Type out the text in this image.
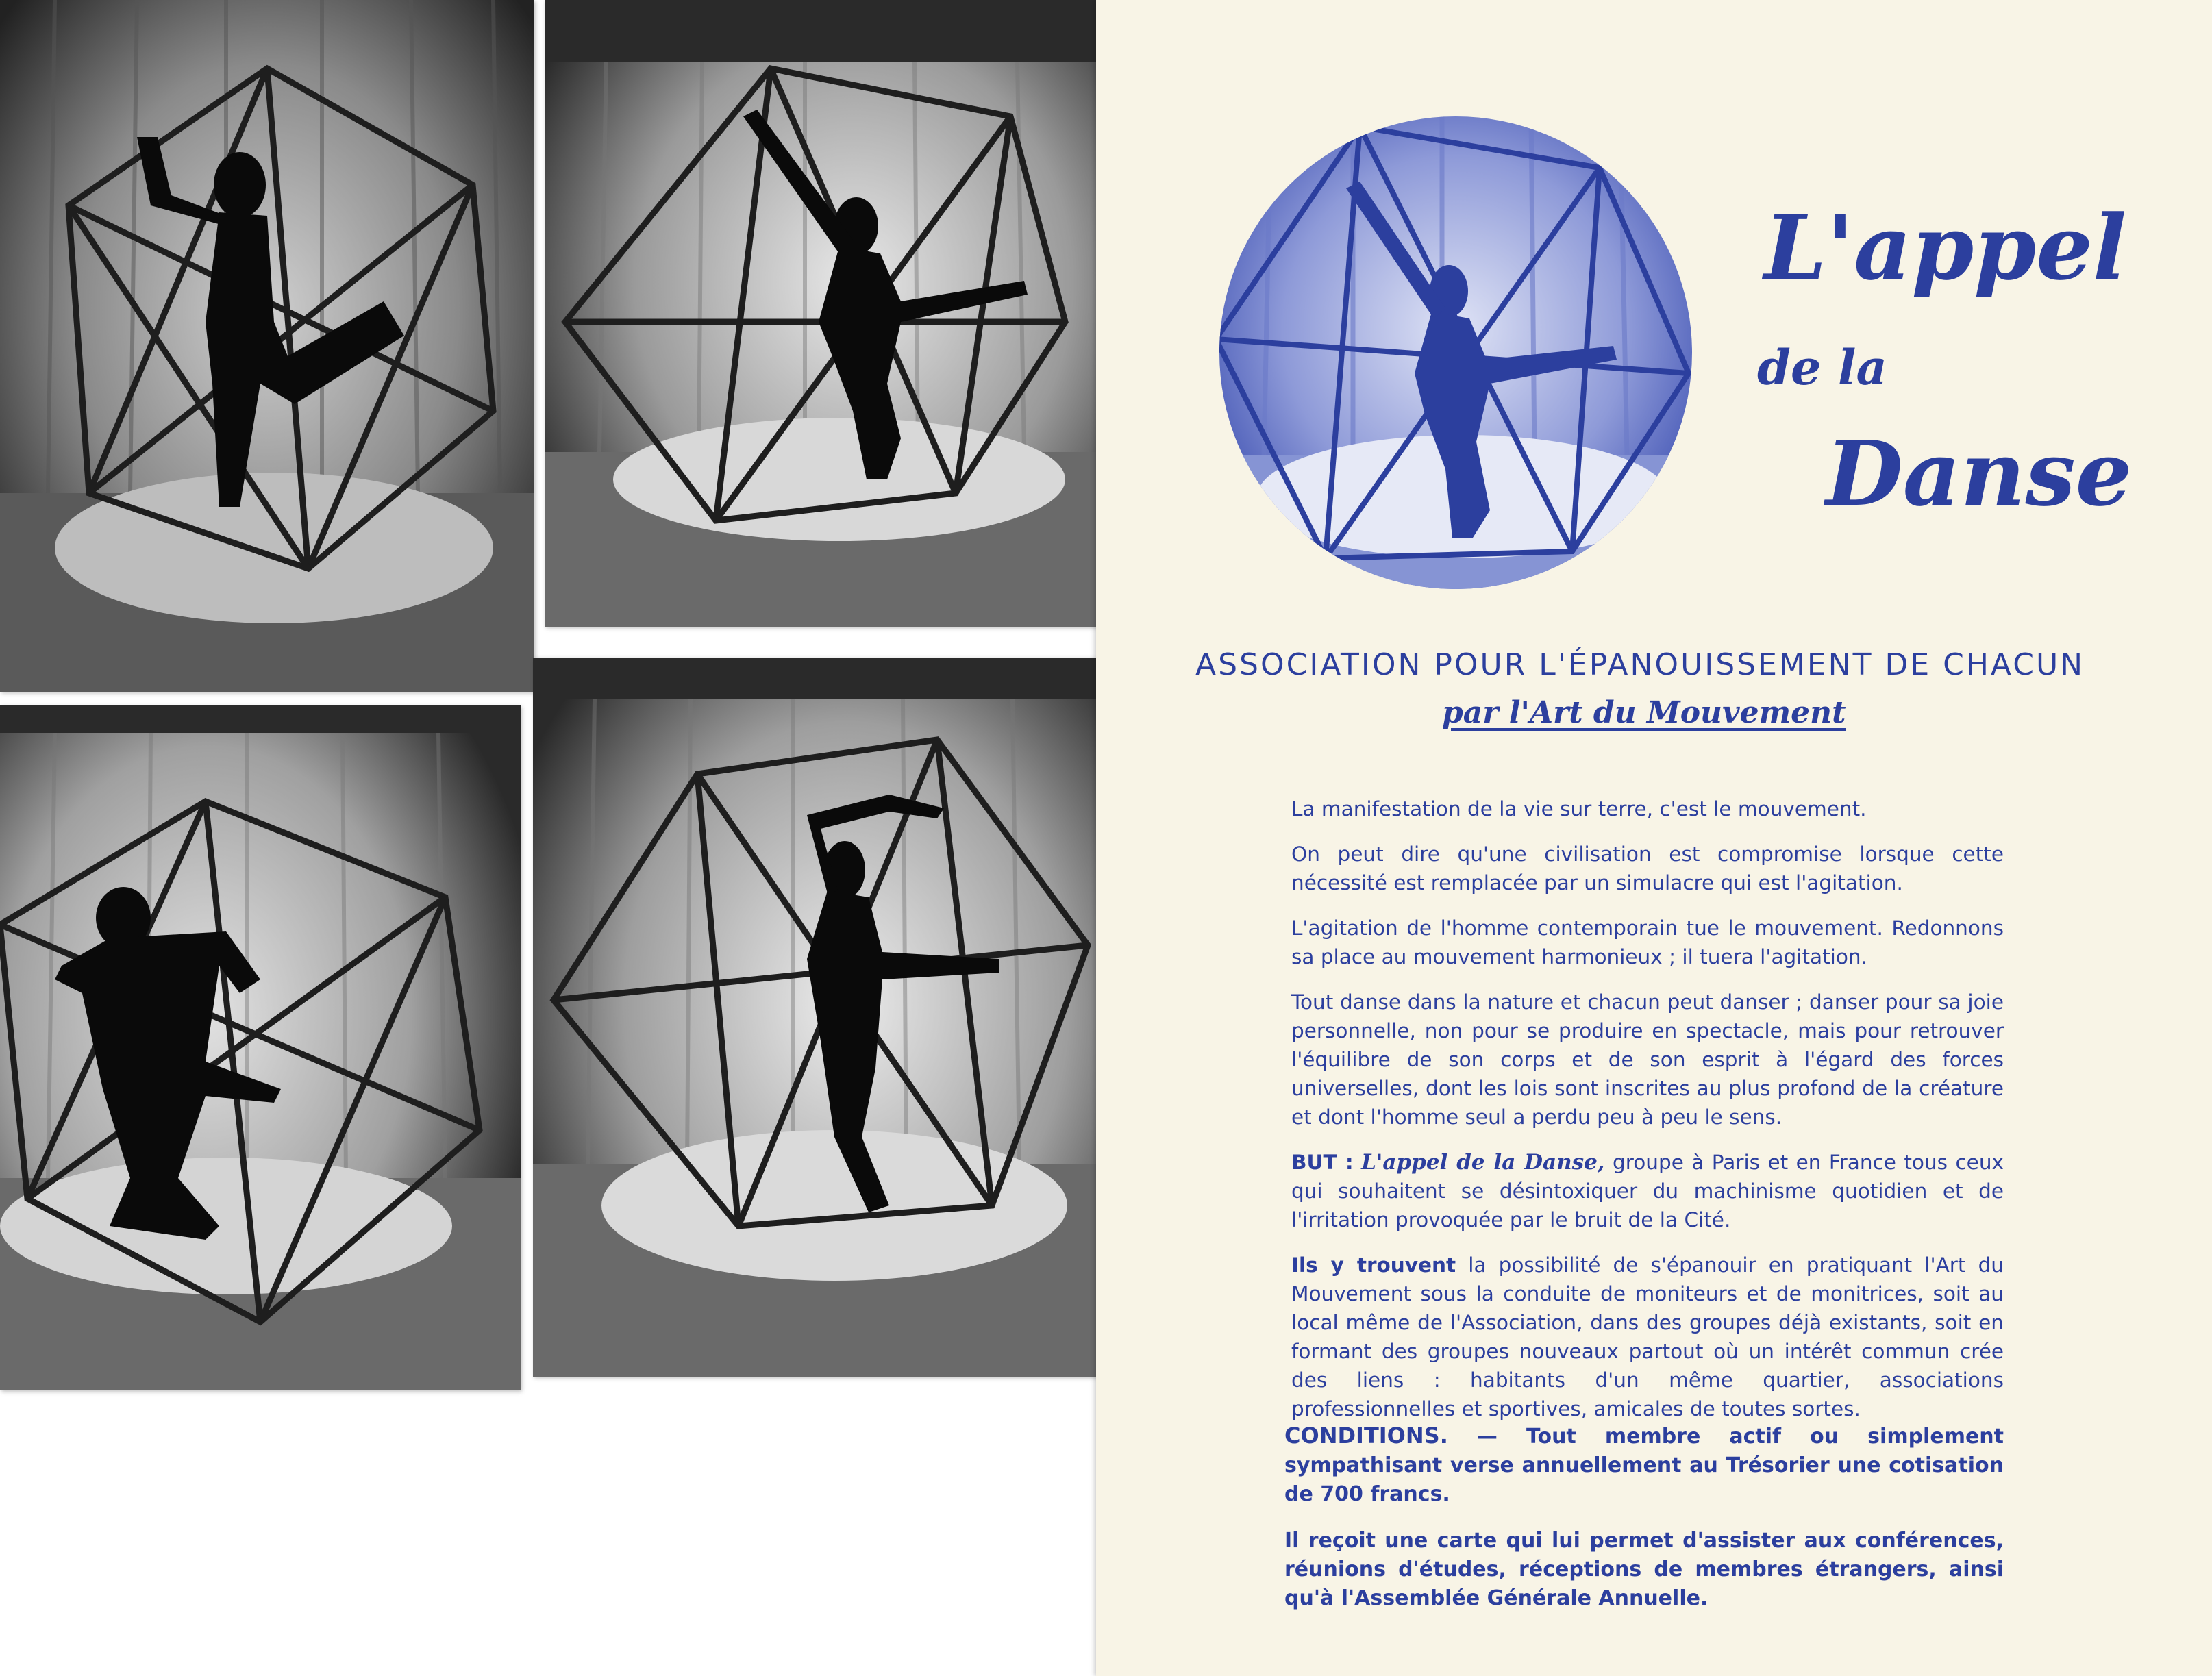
L'appel
de la
Danse
ASSOCIATION POUR L'ÉPANOUISSEMENT DE CHACUN
par l'Art du Mouvement

La manifestation de la vie sur terre, c'est le mouvement.

On peut dire qu'une civilisation est compromise lorsque cette nécessité est remplacée par un simulacre qui est l'agitation.

L'agitation de l'homme contemporain tue le mouvement. Redonnons sa place au mouvement harmonieux ; il tuera l'agitation.

Tout danse dans la nature et chacun peut danser ; danser pour sa joie personnelle, non pour se produire en spectacle, mais pour retrouver l'équilibre de son corps et de son esprit à l'égard des forces universelles, dont les lois sont inscrites au plus profond de la créature et dont l'homme seul a perdu peu à peu le sens.

BUT : L'appel de la Danse, groupe à Paris et en France tous ceux qui souhaitent se désintoxiquer du machinisme quotidien et de l'irritation provoquée par le bruit de la Cité.

Ils y trouvent la possibilité de s'épanouir en pratiquant l'Art du Mouvement sous la conduite de moniteurs et de monitrices, soit au local même de l'Association, dans des groupes déjà existants, soit en formant des groupes nouveaux partout où un intérêt commun crée des liens : habitants d'un même quartier, associations professionnelles et sportives, amicales de toutes sortes.

CONDITIONS. — Tout membre actif ou simplement sympathisant verse annuellement au Trésorier une cotisation de 700 francs.

Il reçoit une carte qui lui permet d'assister aux conférences, réunions d'études, réceptions de membres étrangers, ainsi qu'à l'Assemblée Générale Annuelle.
